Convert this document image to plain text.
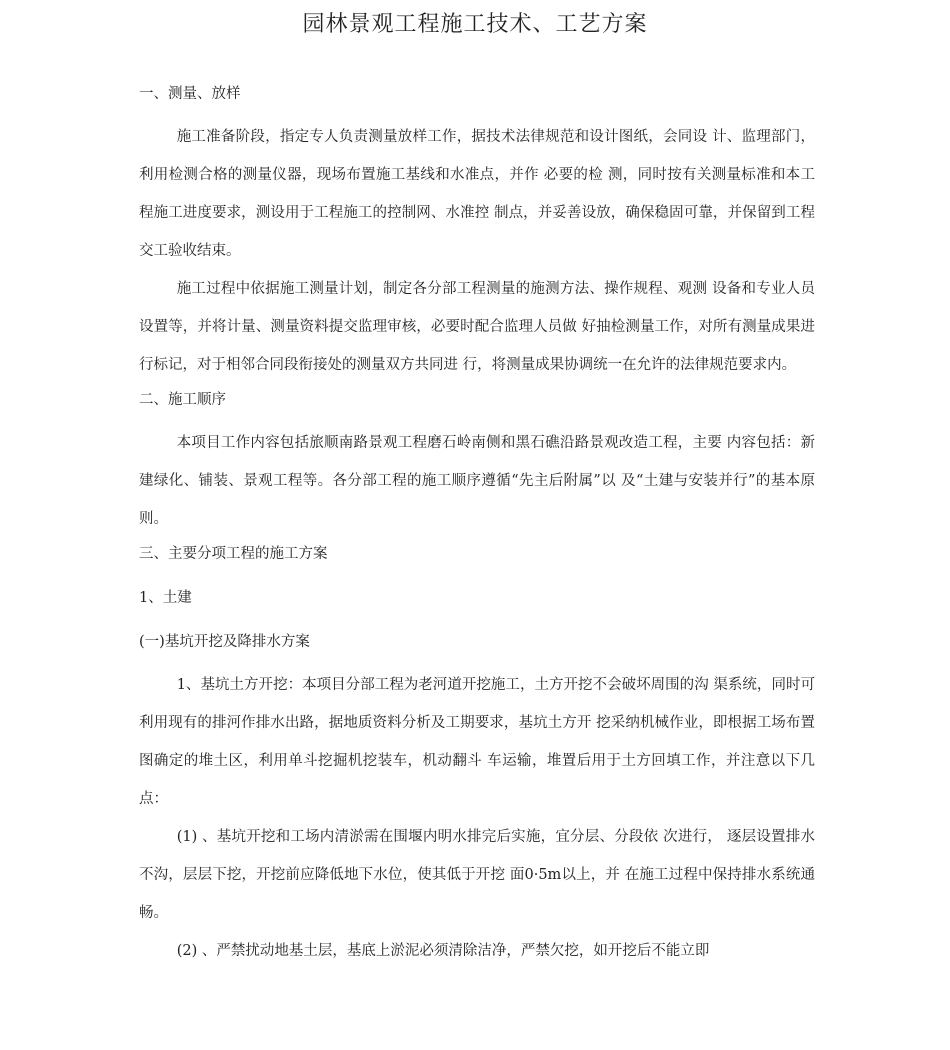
园林景观工程施工技术、工艺方案
一、测量、放样

施工准备阶段，指定专人负责测量放样工作，据技术法律规范和设计图纸，会同设 计、监理部门，利用检测合格的测量仪器，现场布置施工基线和水准点，并作 必要的检 测，同时按有关测量标准和本工程施工进度要求，测设用于工程施工的控制网、水准控 制点，并妥善设放，确保稳固可靠，并保留到工程交工验收结束。

施工过程中依据施工测量计划，制定各分部工程测量的施测方法、操作规程、观测 设备和专业人员设置等，并将计量、测量资料提交监理审核，必要时配合监理人员做 好抽检测量工作，对所有测量成果进行标记，对于相邻合同段衔接处的测量双方共同进 行，将测量成果协调统一在允许的法律规范要求内。

二、施工顺序

本项目工作内容包括旅顺南路景观工程磨石岭南侧和黑石礁沿路景观改造工程，主要 内容包括：新建绿化、铺装、景观工程等。各分部工程的施工顺序遵循“先主后附属”以 及“土建与安装并行”的基本原则。

三、主要分项工程的施工方案
1、土建
(一)基坑开挖及降排水方案

1、基坑土方开挖：本项目分部工程为老河道开挖施工，土方开挖不会破坏周围的沟 渠系统，同时可利用现有的排河作排水出路，据地质资料分析及工期要求，基坑土方开 挖采纳机械作业，即根据工场布置图确定的堆土区，利用单斗挖掘机挖装车，机动翻斗 车运输，堆置后用于土方回填工作，并注意以下几点：

(1) 、基坑开挖和工场内清淤需在围堰内明水排完后实施，宜分层、分段依 次进行， 逐层设置排水不沟，层层下挖，开挖前应降低地下水位，使其低于开挖 面0·5m以上，并 在施工过程中保持排水系统通畅。

(2) 、严禁扰动地基土层，基底上淤泥必须清除洁净，严禁欠挖，如开挖后不能立即
